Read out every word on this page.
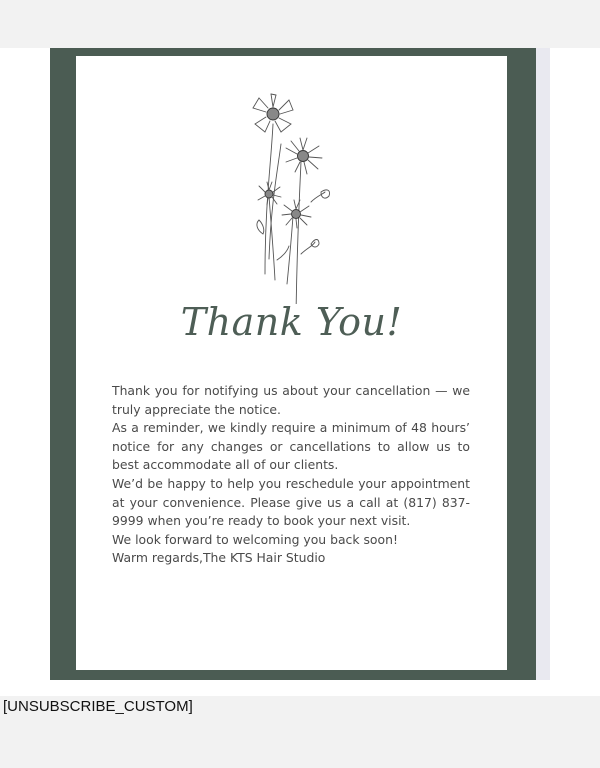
Thank You!

Thank you for notifying us about your cancellation — we truly appreciate the notice.

As a reminder, we kindly require a minimum of 48 hours’ notice for any changes or cancellations to allow us to best accommodate all of our clients.

We’d be happy to help you reschedule your appointment at your convenience. Please give us a call at (817) 837-9999 when you’re ready to book your next visit.

We look forward to welcoming you back soon!

Warm regards,The KTS Hair Studio

[UNSUBSCRIBE_CUSTOM]
